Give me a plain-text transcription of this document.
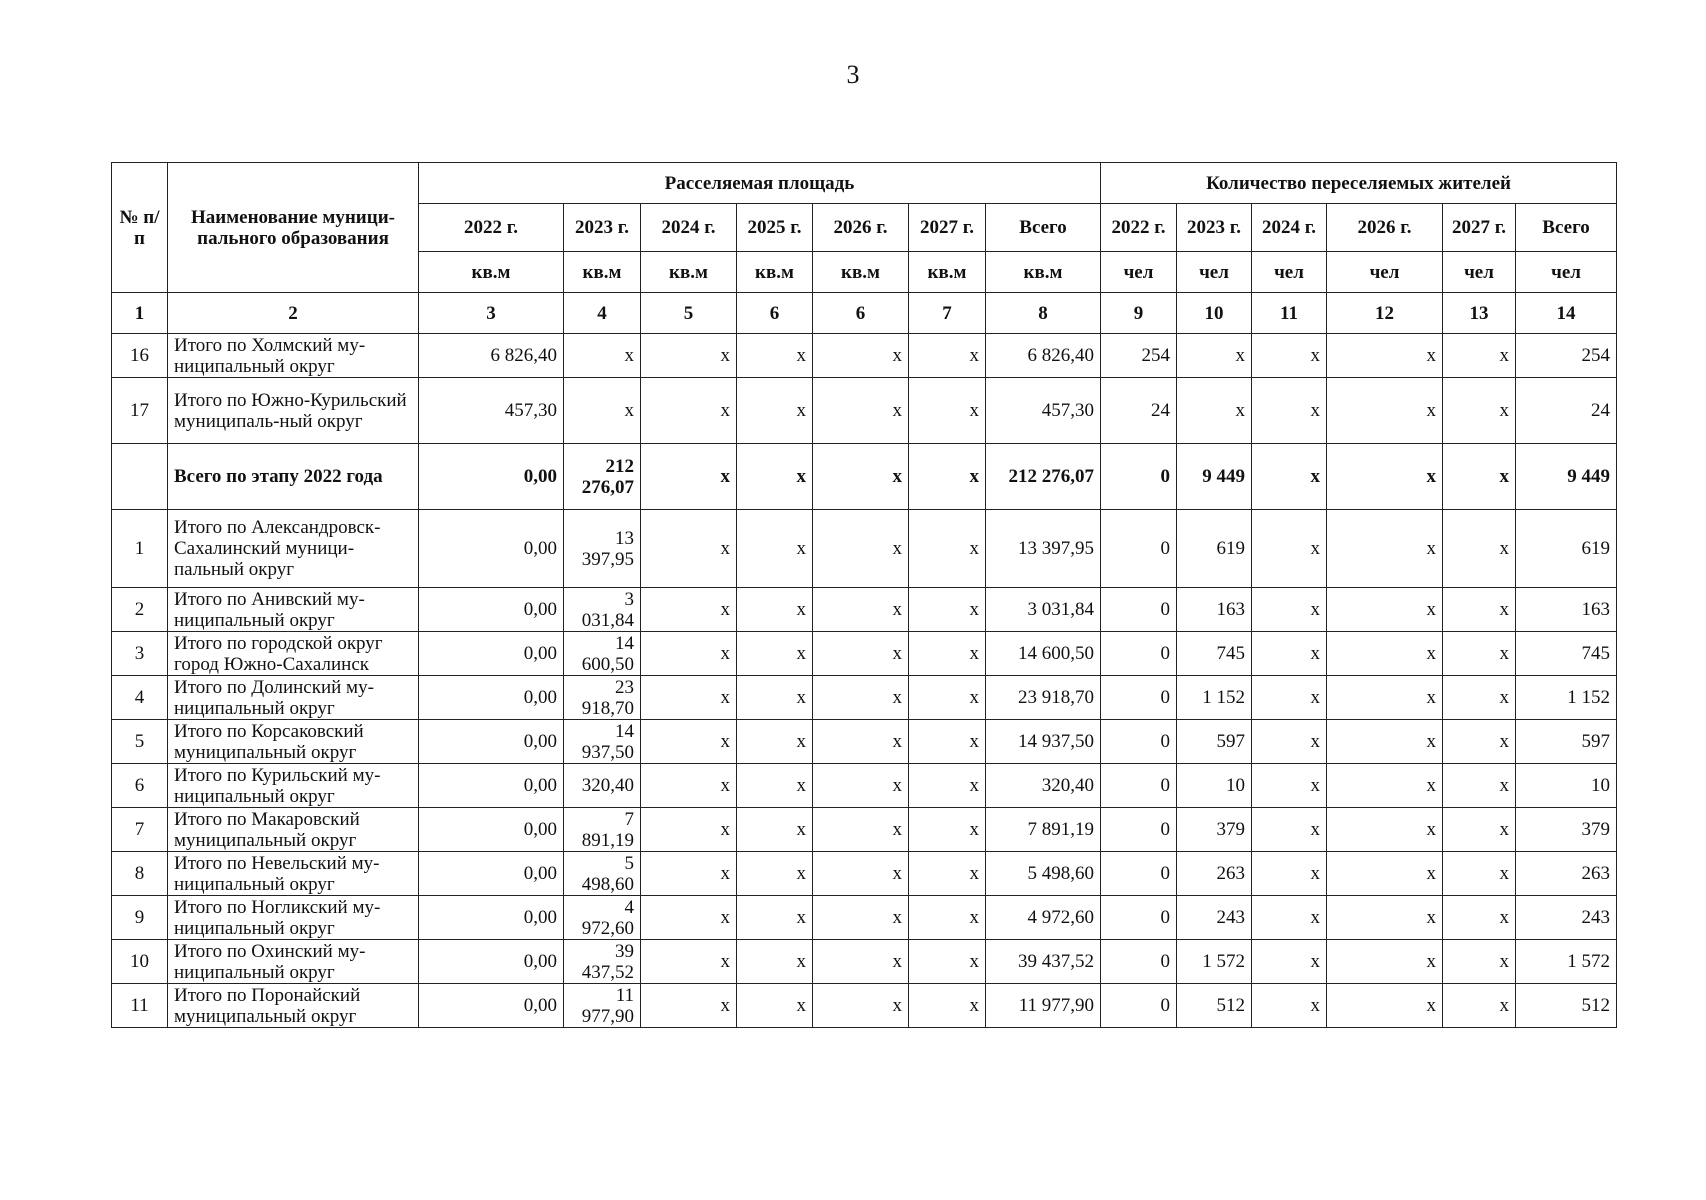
3
№ п/п	Наименование муници-пального образования	Расселяемая площадь							Количество переселяемых жителей					
		2022 г.	2023 г.	2024 г.	2025 г.	2026 г.	2027 г.	Всего	2022 г.	2023 г.	2024 г.	2026 г.	2027 г.	Всего
		кв.м	кв.м	кв.м	кв.м	кв.м	кв.м	кв.м	чел	чел	чел	чел	чел	чел
1	2	3	4	5	6	6	7	8	9	10	11	12	13	14
16	Итого по Холмский му-ниципальный округ	6 826,40	x	x	x	x	x	6 826,40	254	x	x	x	x	254
17	Итого по Южно-Курильский муниципаль-ный округ	457,30	x	x	x	x	x	457,30	24	x	x	x	x	24
	Всего по этапу 2022 года	0,00	212 276,07	x	x	x	x	212 276,07	0	9 449	x	x	x	9 449
1	Итого по Александровск-Сахалинский муници-пальный округ	0,00	13 397,95	x	x	x	x	13 397,95	0	619	x	x	x	619
2	Итого по Анивский му-ниципальный округ	0,00	3 031,84	x	x	x	x	3 031,84	0	163	x	x	x	163
3	Итого по городской округ город Южно-Сахалинск	0,00	14 600,50	x	x	x	x	14 600,50	0	745	x	x	x	745
4	Итого по Долинский му-ниципальный округ	0,00	23 918,70	x	x	x	x	23 918,70	0	1 152	x	x	x	1 152
5	Итого по Корсаковский муниципальный округ	0,00	14 937,50	x	x	x	x	14 937,50	0	597	x	x	x	597
6	Итого по Курильский му-ниципальный округ	0,00	320,40	x	x	x	x	320,40	0	10	x	x	x	10
7	Итого по Макаровский муниципальный округ	0,00	7 891,19	x	x	x	x	7 891,19	0	379	x	x	x	379
8	Итого по Невельский му-ниципальный округ	0,00	5 498,60	x	x	x	x	5 498,60	0	263	x	x	x	263
9	Итого по Ногликский му-ниципальный округ	0,00	4 972,60	x	x	x	x	4 972,60	0	243	x	x	x	243
10	Итого по Охинский му-ниципальный округ	0,00	39 437,52	x	x	x	x	39 437,52	0	1 572	x	x	x	1 572
11	Итого по Поронайский муниципальный округ	0,00	11 977,90	x	x	x	x	11 977,90	0	512	x	x	x	512
